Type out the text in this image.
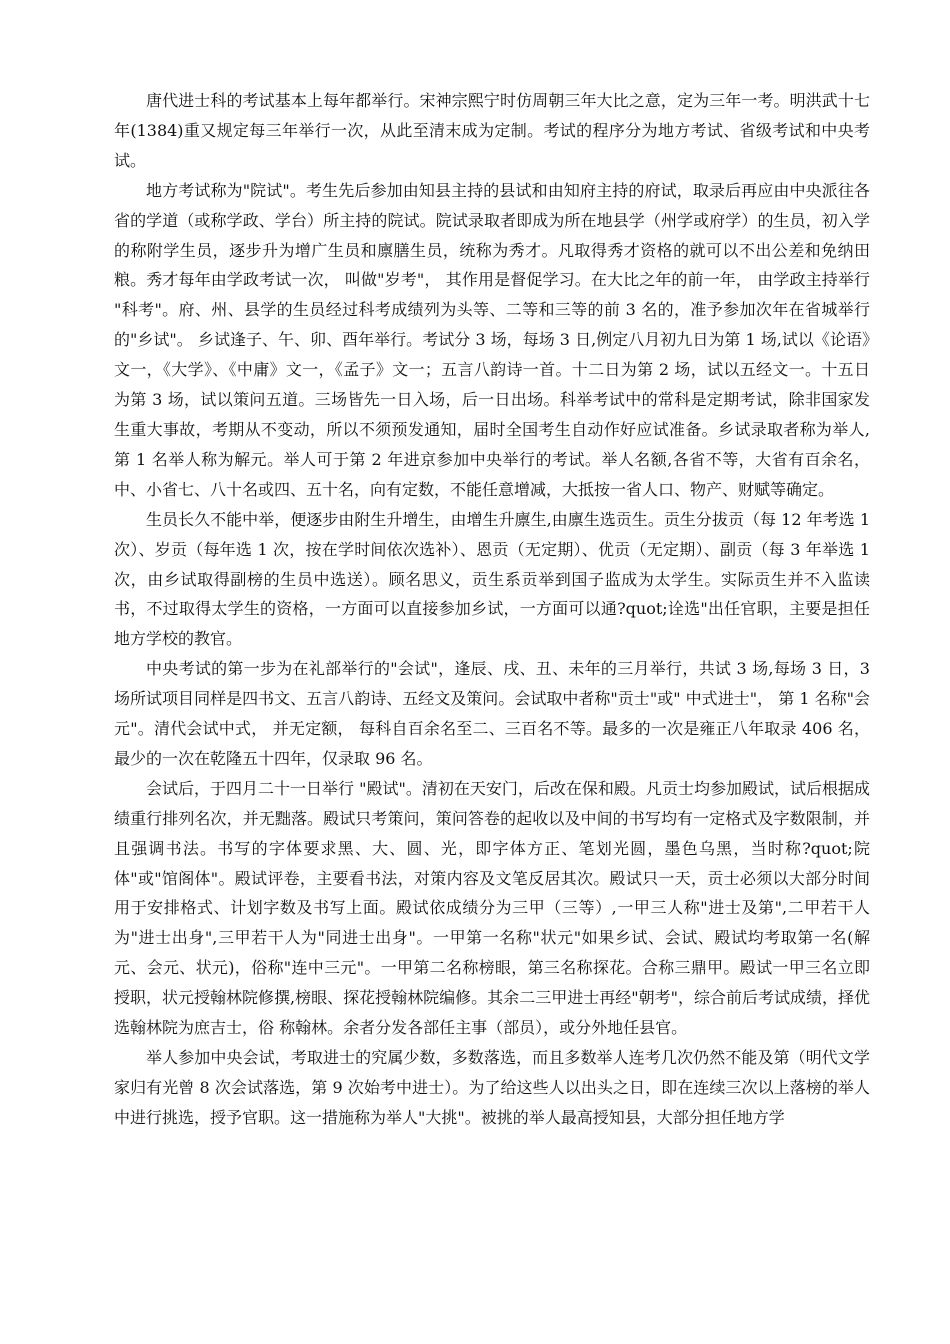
唐代进士科的考试基本上每年都举行。宋神宗熙宁时仿周朝三年大比之意，定为三年一考。明洪武十七年(1384)重又规定每三年举行一次，从此至清末成为定制。考试的程序分为地方考试、省级考试和中央考试。

地方考试称为"院试"。考生先后参加由知县主持的县试和由知府主持的府试，取录后再应由中央派往各省的学道（或称学政、学台）所主持的院试。院试录取者即成为所在地县学（州学或府学）的生员，初入学的称附学生员，逐步升为增广生员和廪膳生员，统称为秀才。凡取得秀才资格的就可以不出公差和免纳田粮。秀才每年由学政考试一次， 叫做"岁考"， 其作用是督促学习。在大比之年的前一年， 由学政主持举行 "科考"。府、州、县学的生员经过科考成绩列为头等、二等和三等的前 3 名的，准予参加次年在省城举行的"乡试"。 乡试逢子、午、卯、酉年举行。考试分 3 场，每场 3 日,例定八月初九日为第 1 场,试以《论语》文一，《大学》、《中庸》文一，《孟子》文一；五言八韵诗一首。十二日为第 2 场，试以五经文一。十五日为第 3 场，试以策问五道。三场皆先一日入场，后一日出场。科举考试中的常科是定期考试，除非国家发生重大事故，考期从不变动，所以不须预发通知，届时全国考生自动作好应试准备。乡试录取者称为举人,第 1 名举人称为解元。举人可于第 2 年进京参加中央举行的考试。举人名额,各省不等，大省有百余名，中、小省七、八十名或四、五十名，向有定数，不能任意增减，大抵按一省人口、物产、财赋等确定。

生员长久不能中举，便逐步由附生升增生，由增生升廪生,由廪生选贡生。贡生分拔贡（每 12 年考选 1 次）、岁贡（每年选 1 次，按在学时间依次选补）、恩贡（无定期）、优贡（无定期）、副贡（每 3 年举选 1 次，由乡试取得副榜的生员中选送）。顾名思义，贡生系贡举到国子监成为太学生。实际贡生并不入监读书，不过取得太学生的资格，一方面可以直接参加乡试，一方面可以通?quot;诠选"出任官职，主要是担任地方学校的教官。

中央考试的第一步为在礼部举行的"会试"，逢辰、戌、丑、未年的三月举行，共试 3 场,每场 3 日，3 场所试项目同样是四书文、五言八韵诗、五经文及策问。会试取中者称"贡士"或" 中式进士"， 第 1 名称"会元"。清代会试中式， 并无定额， 每科自百余名至二、三百名不等。最多的一次是雍正八年取录 406 名，最少的一次在乾隆五十四年，仅录取 96 名。

会试后，于四月二十一日举行 "殿试"。清初在天安门，后改在保和殿。凡贡士均参加殿试，试后根据成绩重行排列名次，并无黜落。殿试只考策问，策问答卷的起收以及中间的书写均有一定格式及字数限制，并且强调书法。书写的字体要求黑、大、圆、光，即字体方正、笔划光圆，墨色乌黑，当时称?quot;院体"或"馆阁体"。殿试评卷，主要看书法，对策内容及文笔反居其次。殿试只一天，贡士必须以大部分时间用于安排格式、计划字数及书写上面。殿试依成绩分为三甲（三等）,一甲三人称"进士及第",二甲若干人为"进士出身",三甲若干人为"同进士出身"。一甲第一名称"状元"如果乡试、会试、殿试均考取第一名(解元、会元、状元)，俗称"连中三元"。一甲第二名称榜眼，第三名称探花。合称三鼎甲。殿试一甲三名立即授职，状元授翰林院修撰,榜眼、探花授翰林院编修。其余二三甲进士再经"朝考"，综合前后考试成绩，择优选翰林院为庶吉士，俗 称翰林。余者分发各部任主事（部员），或分外地任县官。

举人参加中央会试，考取进士的究属少数，多数落选，而且多数举人连考几次仍然不能及第（明代文学家归有光曾 8 次会试落选，第 9 次始考中进士）。为了给这些人以出头之日，即在连续三次以上落榜的举人中进行挑选，授予官职。这一措施称为举人"大挑"。被挑的举人最高授知县，大部分担任地方学
